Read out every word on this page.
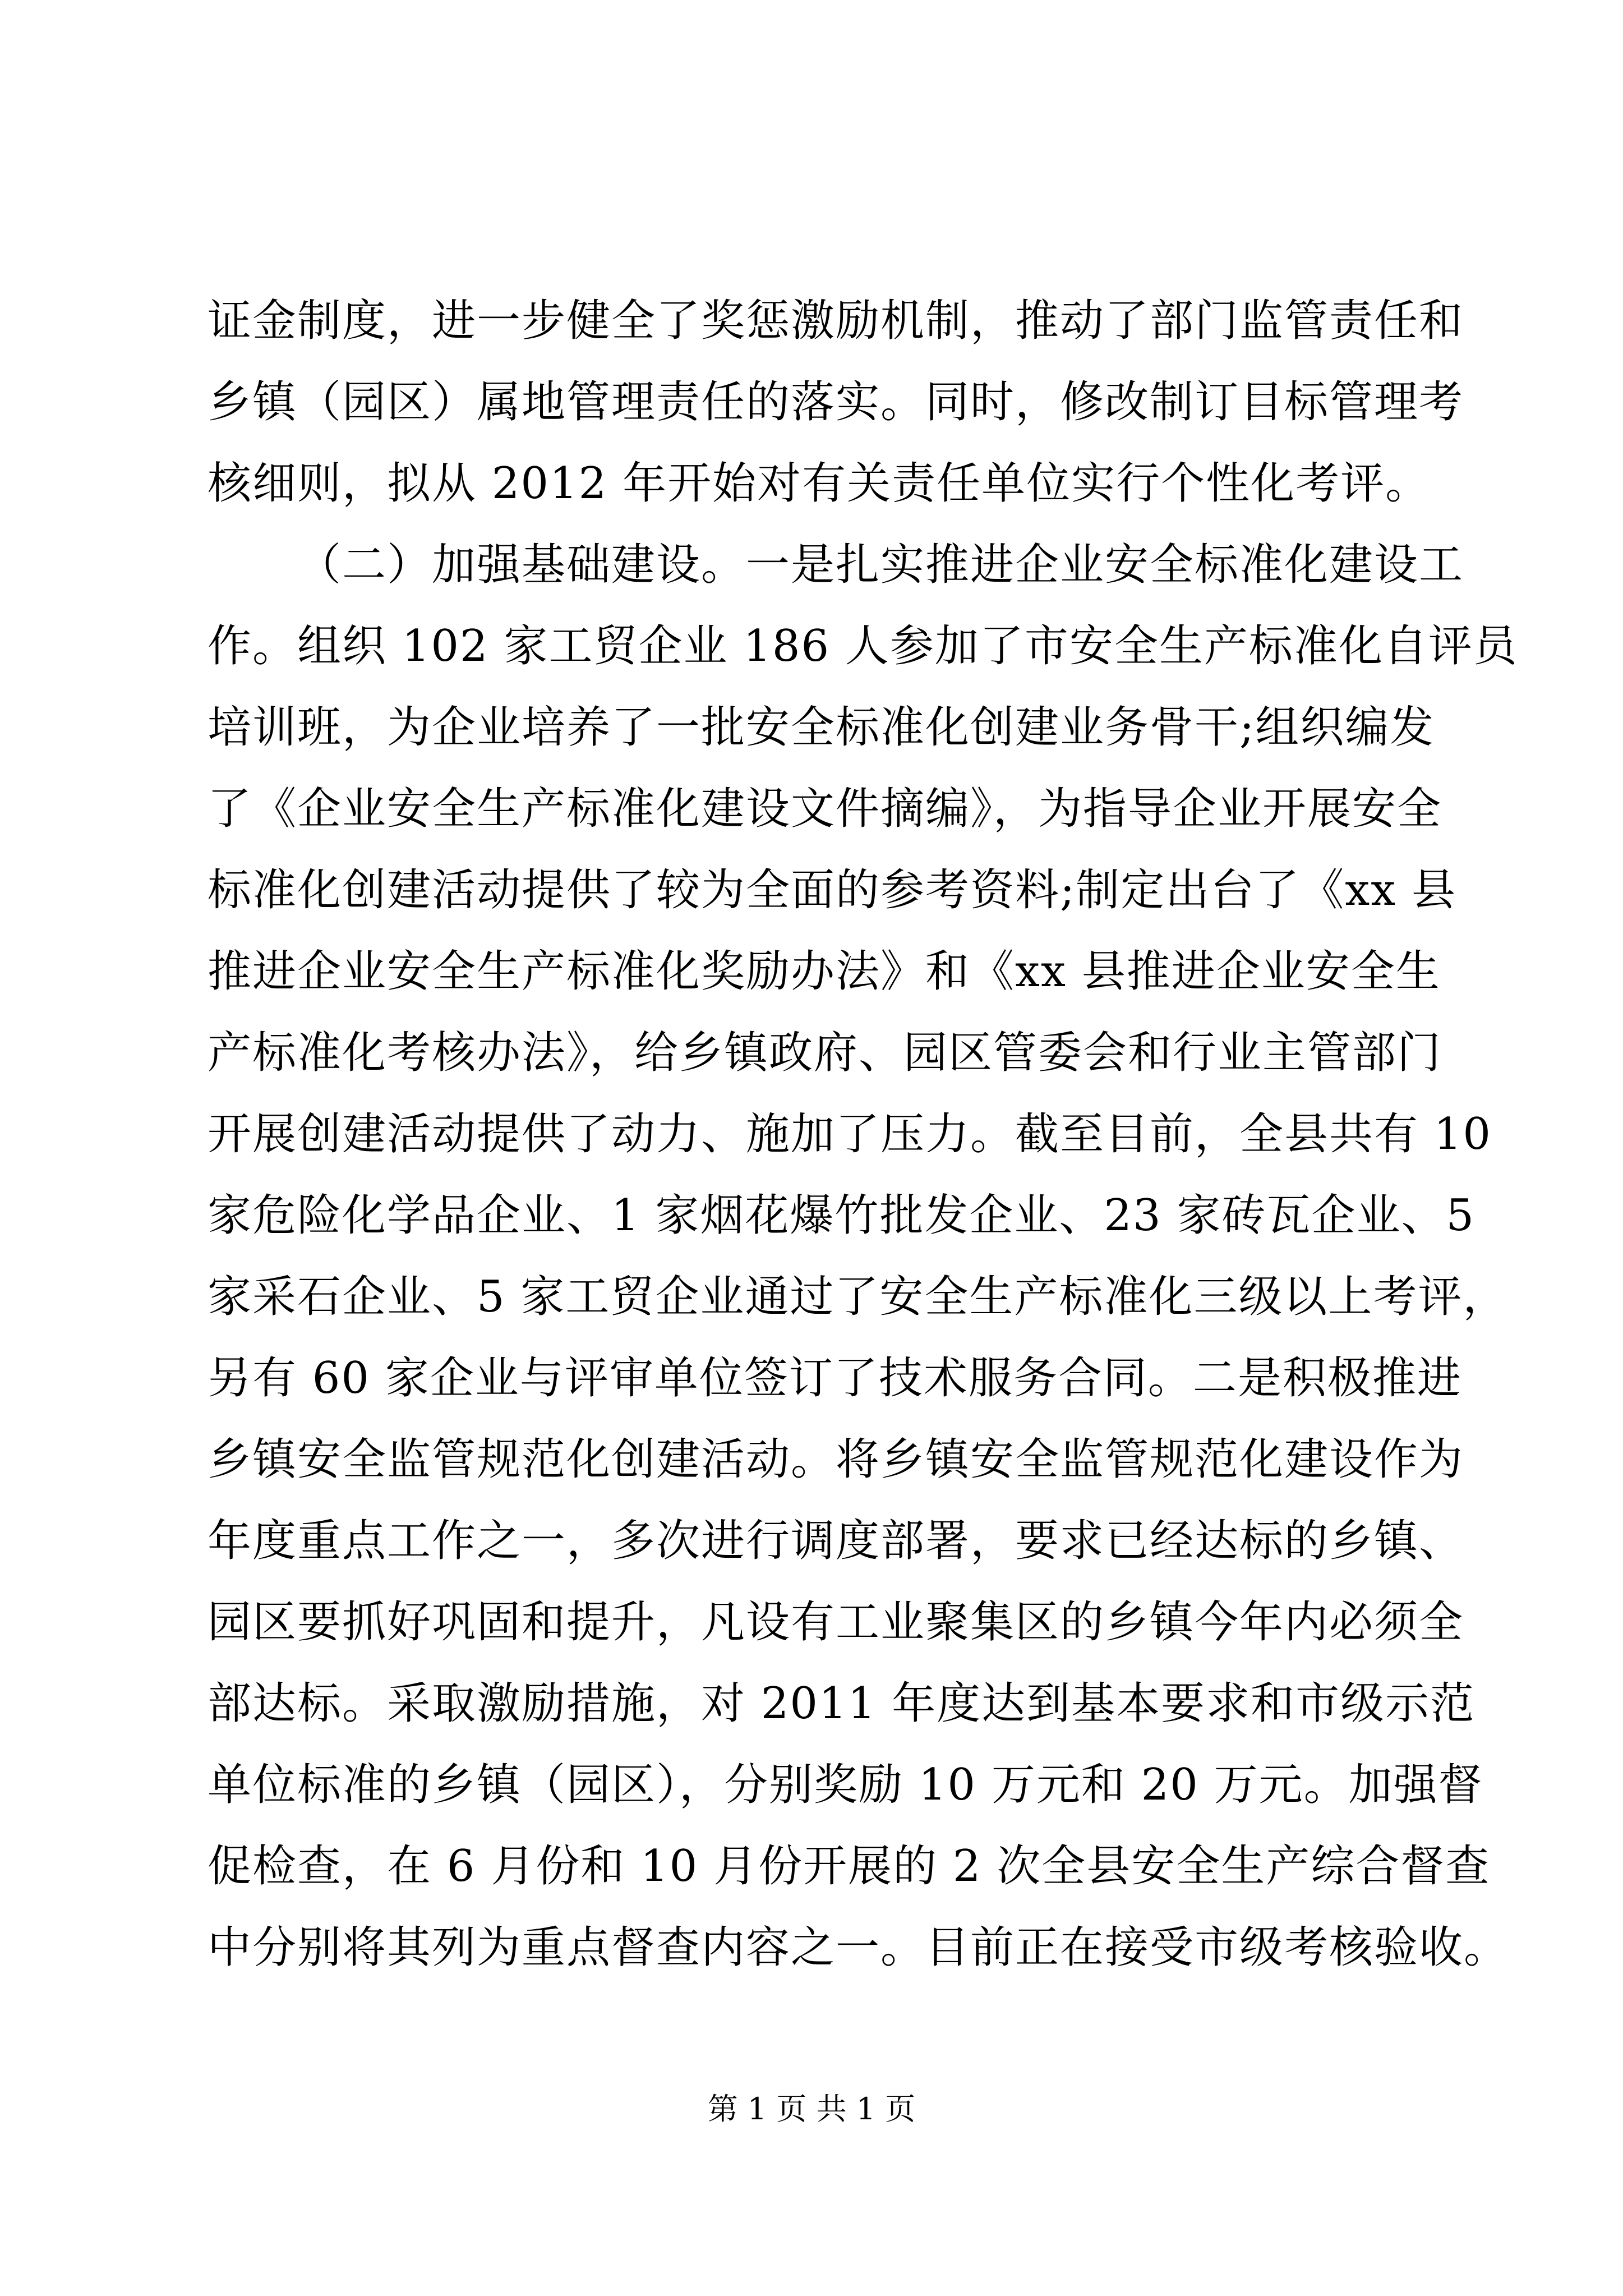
证金制度，进一步健全了奖惩激励机制，推动了部门监管责任和
乡镇（园区）属地管理责任的落实。同时，修改制订目标管理考
核细则，拟从 2012 年开始对有关责任单位实行个性化考评。
（二）加强基础建设。一是扎实推进企业安全标准化建设工
作。组织 102 家工贸企业 186 人参加了市安全生产标准化自评员
培训班，为企业培养了一批安全标准化创建业务骨干;组织编发
了《企业安全生产标准化建设文件摘编》，为指导企业开展安全
标准化创建活动提供了较为全面的参考资料;制定出台了《xx 县
推进企业安全生产标准化奖励办法》和《xx 县推进企业安全生
产标准化考核办法》，给乡镇政府、园区管委会和行业主管部门
开展创建活动提供了动力、施加了压力。截至目前，全县共有 10
家危险化学品企业、1 家烟花爆竹批发企业、23 家砖瓦企业、5
家采石企业、5 家工贸企业通过了安全生产标准化三级以上考评，
另有 60 家企业与评审单位签订了技术服务合同。二是积极推进
乡镇安全监管规范化创建活动。将乡镇安全监管规范化建设作为
年度重点工作之一，多次进行调度部署，要求已经达标的乡镇、
园区要抓好巩固和提升，凡设有工业聚集区的乡镇今年内必须全
部达标。采取激励措施，对 2011 年度达到基本要求和市级示范
单位标准的乡镇（园区），分别奖励 10 万元和 20 万元。加强督
促检查，在 6 月份和 10 月份开展的 2 次全县安全生产综合督查
中分别将其列为重点督查内容之一。目前正在接受市级考核验收。
第 1 页 共 1 页
